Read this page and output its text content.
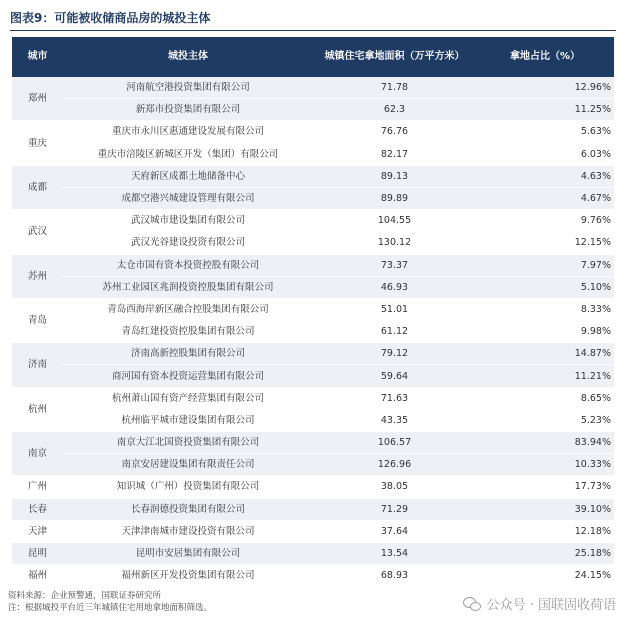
图表9：可能被收储商品房的城投主体
城市	城投主体	城镇住宅拿地面积（万平方米）	拿地占比（%）
郑州	河南航空港投资集团有限公司	71.78	12.96%
	新郑市投资集团有限公司	62.3	11.25%
重庆	重庆市永川区惠通建设发展有限公司	76.76	5.63%
	重庆市涪陵区新城区开发（集团）有限公司	82.17	6.03%
成都	天府新区成都土地储备中心	89.13	4.63%
	成都空港兴城建设管理有限公司	89.89	4.67%
武汉	武汉城市建设集团有限公司	104.55	9.76%
	武汉光谷建设投资有限公司	130.12	12.15%
苏州	太仓市国有资本投资控股有限公司	73.37	7.97%
	苏州工业园区兆润投资控股集团有限公司	46.93	5.10%
青岛	青岛西海岸新区融合控股集团有限公司	51.01	8.33%
	青岛红建投资控股集团有限公司	61.12	9.98%
济南	济南高新控股集团有限公司	79.12	14.87%
	商河国有资本投资运营集团有限公司	59.64	11.21%
杭州	杭州萧山国有资产经营集团有限公司	71.63	8.65%
	杭州临平城市建设集团有限公司	43.35	5.23%
南京	南京大江北国资投资集团有限公司	106.57	83.94%
	南京安居建设集团有限责任公司	126.96	10.33%
广州	知识城（广州）投资集团有限公司	38.05	17.73%
长春	长春润德投资集团有限公司	71.29	39.10%
天津	天津津南城市建设投资有限公司	37.64	12.18%
昆明	昆明市安居集团有限公司	13.54	25.18%
福州	福州新区开发投资集团有限公司	68.93	24.15%
资料来源：企业预警通，国联证券研究所
注：根据城投平台近三年城镇住宅用地拿地面积筛选。	公众号 · 国联固收荷语
